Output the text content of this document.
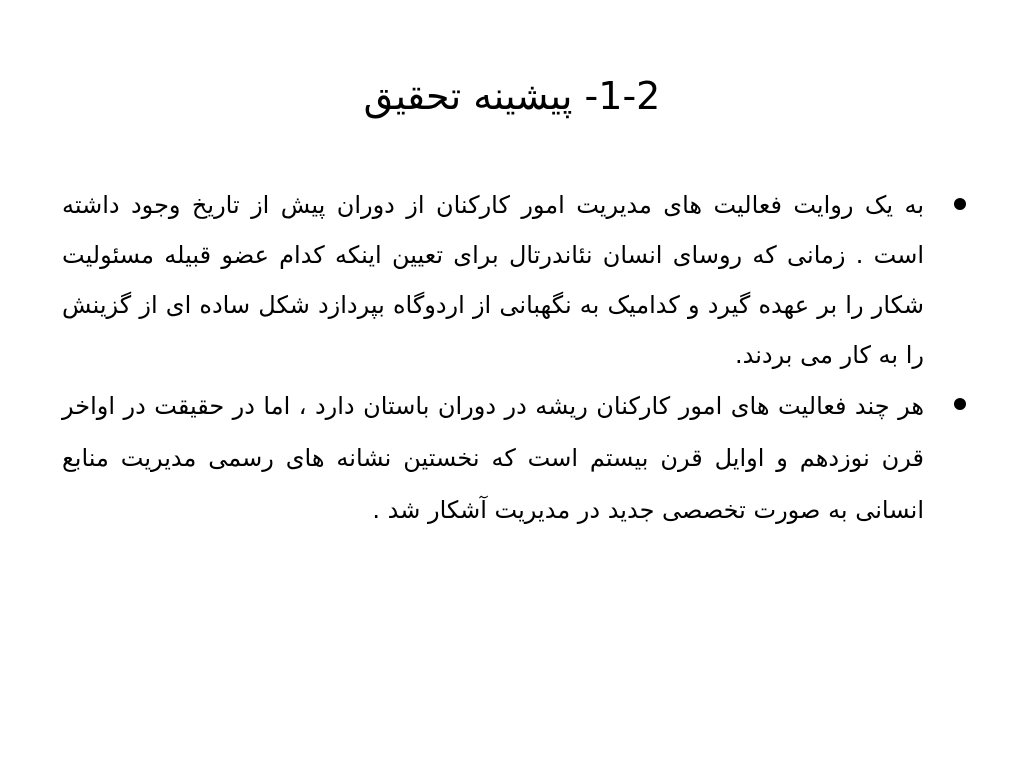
1-2- پیشینه تحقیق

به یک روایت فعالیت های مدیریت امور کارکنان از دوران پیش از تاریخ وجود داشته است . زمانی که روسای انسان نئاندرتال برای تعیین اینکه کدام عضو قبیله مسئولیت شکار را بر عهده گیرد و کدامیک به نگهبانی از اردوگاه بپردازد شکل ساده ای از گزینش را به کار می بردند.

هر چند فعالیت های امور کارکنان ریشه در دوران باستان دارد ، اما در حقیقت در اواخر قرن نوزدهم و اوایل قرن بیستم است که نخستین نشانه های رسمی مدیریت منابع انسانی به صورت تخصصی جدید در مدیریت آشکار شد .
